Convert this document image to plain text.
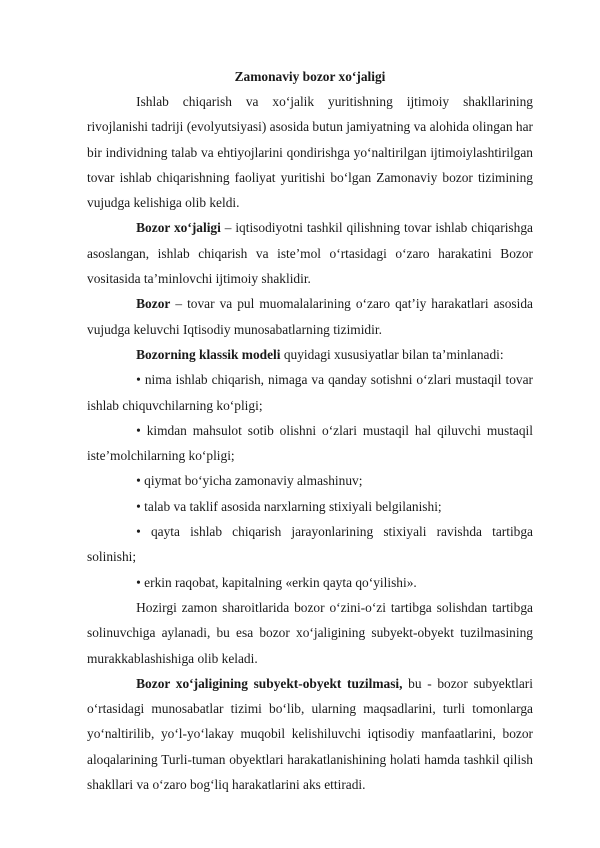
Zamonaviy bozor xo‘jaligi

Ishlab chiqarish va xo‘jalik yuritishning ijtimoiy shakllarining rivojlanishi tadriji (evolyutsiyasi) asosida butun jamiyatning va alohida olingan har bir individning talab va ehtiyojlarini qondirishga yo‘naltirilgan ijtimoiylashtirilgan tovar ishlab chiqarishning faoliyat yuritishi bo‘lgan Zamonaviy bozor tizimining vujudga kelishiga olib keldi.

Bozor xo‘jaligi – iqtisodiyotni tashkil qilishning tovar ishlab chiqarishga asoslangan, ishlab chiqarish va iste’mol o‘rtasidagi o‘zaro harakatini Bozor vositasida ta’minlovchi ijtimoiy shaklidir.

Bozor – tovar va pul muomalalarining o‘zaro qat’iy harakatlari asosida vujudga keluvchi Iqtisodiy munosabatlarning tizimidir.

Bozorning klassik modeli quyidagi xususiyatlar bilan ta’minlanadi:

• nima ishlab chiqarish, nimaga va qanday sotishni o‘zlari mustaqil tovar ishlab chiquvchilarning ko‘pligi;

• kimdan mahsulot sotib olishni o‘zlari mustaqil hal qiluvchi mustaqil iste’molchilarning ko‘pligi;

• qiymat bo‘yicha zamonaviy almashinuv;

• talab va taklif asosida narxlarning stixiyali belgilanishi;

• qayta ishlab chiqarish jarayonlarining stixiyali ravishda tartibga solinishi;

• erkin raqobat, kapitalning «erkin qayta qo‘yilishi».

Hozirgi zamon sharoitlarida bozor o‘zini-o‘zi tartibga solishdan tartibga solinuvchiga aylanadi, bu esa bozor xo‘jaligining subyekt-obyekt tuzilmasining murakkablashishiga olib keladi.

Bozor xo‘jaligining subyekt-obyekt tuzilmasi, bu - bozor subyektlari o‘rtasidagi munosabatlar tizimi bo‘lib, ularning maqsadlarini, turli tomonlarga yo‘naltirilib, yo‘l-yo‘lakay muqobil kelishiluvchi iqtisodiy manfaatlarini, bozor aloqalarining Turli-tuman obyektlari harakatlanishining holati hamda tashkil qilish shakllari va o‘zaro bog‘liq harakatlarini aks ettiradi.
